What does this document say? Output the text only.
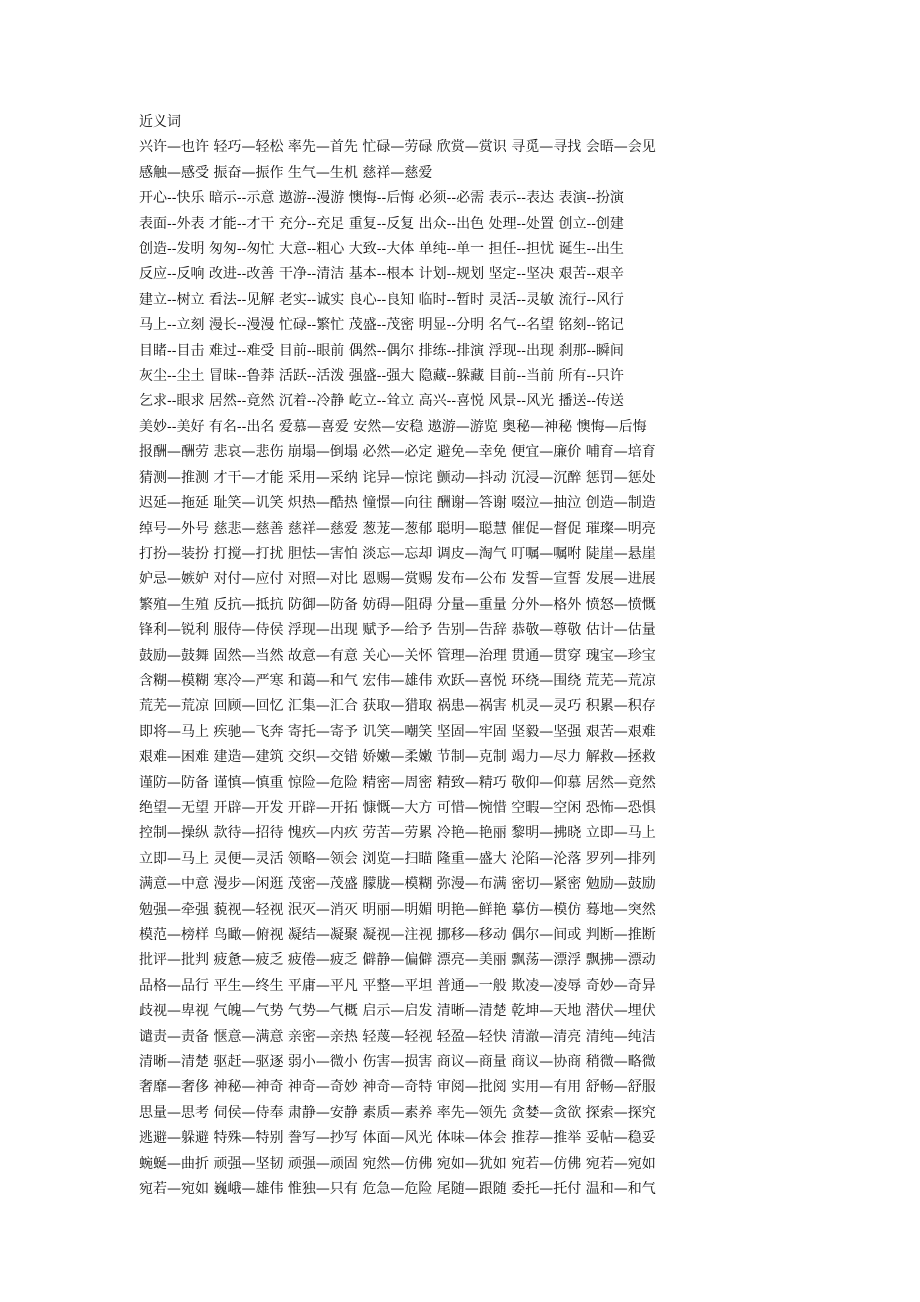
近义词
兴许—也许 轻巧—轻松 率先—首先 忙碌—劳碌 欣赏—赏识 寻觅—寻找 会晤—会见
感触—感受 振奋—振作 生气—生机 慈祥—慈爱
开心--快乐 暗示--示意 遨游--漫游 懊悔--后悔 必须--必需 表示--表达 表演--扮演
表面--外表 才能--才干 充分--充足 重复--反复 出众--出色 处理--处置 创立--创建
创造--发明 匆匆--匆忙 大意--粗心 大致--大体 单纯--单一 担任--担忧 诞生--出生
反应--反响 改进--改善 干净--清洁 基本--根本 计划--规划 坚定--坚决 艰苦--艰辛
建立--树立 看法--见解 老实--诚实 良心--良知 临时--暂时 灵活--灵敏 流行--风行
马上--立刻 漫长--漫漫 忙碌--繁忙 茂盛--茂密 明显--分明 名气--名望 铭刻--铭记
目睹--目击 难过--难受 目前--眼前 偶然--偶尔 排练--排演 浮现--出现 刹那--瞬间
灰尘--尘土 冒昧--鲁莽 活跃--活泼 强盛--强大 隐藏--躲藏 目前--当前 所有--只许
乞求--眼求 居然--竟然 沉着--冷静 屹立--耸立 高兴--喜悦 风景--风光 播送--传送
美妙--美好 有名--出名 爱慕—喜爱 安然—安稳 遨游—游览 奥秘—神秘 懊悔—后悔
报酬—酬劳 悲哀—悲伤 崩塌—倒塌 必然—必定 避免—幸免 便宜—廉价 哺育—培育
猜测—推测 才干—才能 采用—采纳 诧异—惊诧 颤动—抖动 沉浸—沉醉 惩罚—惩处
迟延—拖延 耻笑—讥笑 炽热—酷热 憧憬—向往 酬谢—答谢 啜泣—抽泣 创造—制造
绰号—外号 慈悲—慈善 慈祥—慈爱 葱茏—葱郁 聪明—聪慧 催促—督促 璀璨—明亮
打扮—装扮 打搅—打扰 胆怯—害怕 淡忘—忘却 调皮—淘气 叮嘱—嘱咐 陡崖—悬崖
妒忌—嫉妒 对付—应付 对照—对比 恩赐—赏赐 发布—公布 发誓—宣誓 发展—进展
繁殖—生殖 反抗—抵抗 防御—防备 妨碍—阻碍 分量—重量 分外—格外 愤怒—愤慨
锋利—锐利 服侍—侍侯 浮现—出现 赋予—给予 告别—告辞 恭敬—尊敬 估计—估量
鼓励—鼓舞 固然—当然 故意—有意 关心—关怀 管理—治理 贯通—贯穿 瑰宝—珍宝
含糊—模糊 寒冷—严寒 和蔼—和气 宏伟—雄伟 欢跃—喜悦 环绕—围绕 荒芜—荒凉
荒芜—荒凉 回顾—回忆 汇集—汇合 获取—猎取 祸患—祸害 机灵—灵巧 积累—积存
即将—马上 疾驰—飞奔 寄托—寄予 讥笑—嘲笑 坚固—牢固 坚毅—坚强 艰苦—艰难
艰难—困难 建造—建筑 交织—交错 娇嫩—柔嫩 节制—克制 竭力—尽力 解救—拯救
谨防—防备 谨慎—慎重 惊险—危险 精密—周密 精致—精巧 敬仰—仰慕 居然—竟然
绝望—无望 开辟—开发 开辟—开拓 慷慨—大方 可惜—惋惜 空暇—空闲 恐怖—恐惧
控制—操纵 款待—招待 愧疚—内疚 劳苦—劳累 冷艳—艳丽 黎明—拂晓 立即—马上
立即—马上 灵便—灵活 领略—领会 浏览—扫瞄 隆重—盛大 沦陷—沦落 罗列—排列
满意—中意 漫步—闲逛 茂密—茂盛 朦胧—模糊 弥漫—布满 密切—紧密 勉励—鼓励
勉强—牵强 藐视—轻视 泯灭—消灭 明丽—明媚 明艳—鲜艳 摹仿—模仿 蓦地—突然
模范—榜样 鸟瞰—俯视 凝结—凝聚 凝视—注视 挪移—移动 偶尔—间或 判断—推断
批评—批判 疲惫—疲乏 疲倦—疲乏 僻静—偏僻 漂亮—美丽 飘荡—漂浮 飘拂—漂动
品格—品行 平生—终生 平庸—平凡 平整—平坦 普通—一般 欺凌—凌辱 奇妙—奇异
歧视—卑视 气魄—气势 气势—气概 启示—启发 清晰—清楚 乾坤—天地 潜伏—埋伏
谴责—责备 惬意—满意 亲密—亲热 轻蔑—轻视 轻盈—轻快 清澈—清亮 清纯—纯洁
清晰—清楚 驱赶—驱逐 弱小—微小 伤害—损害 商议—商量 商议—协商 稍微—略微
奢靡—奢侈 神秘—神奇 神奇—奇妙 神奇—奇特 审阅—批阅 实用—有用 舒畅—舒服
思量—思考 伺侯—侍奉 肃静—安静 素质—素养 率先—领先 贪婪—贪欲 探索—探究
逃避—躲避 特殊—特别 誊写—抄写 体面—风光 体味—体会 推荐—推举 妥帖—稳妥
蜿蜒—曲折 顽强—坚韧 顽强—顽固 宛然—仿佛 宛如—犹如 宛若—仿佛 宛若—宛如
宛若—宛如 巍峨—雄伟 惟独—只有 危急—危险 尾随—跟随 委托—托付 温和—和气
